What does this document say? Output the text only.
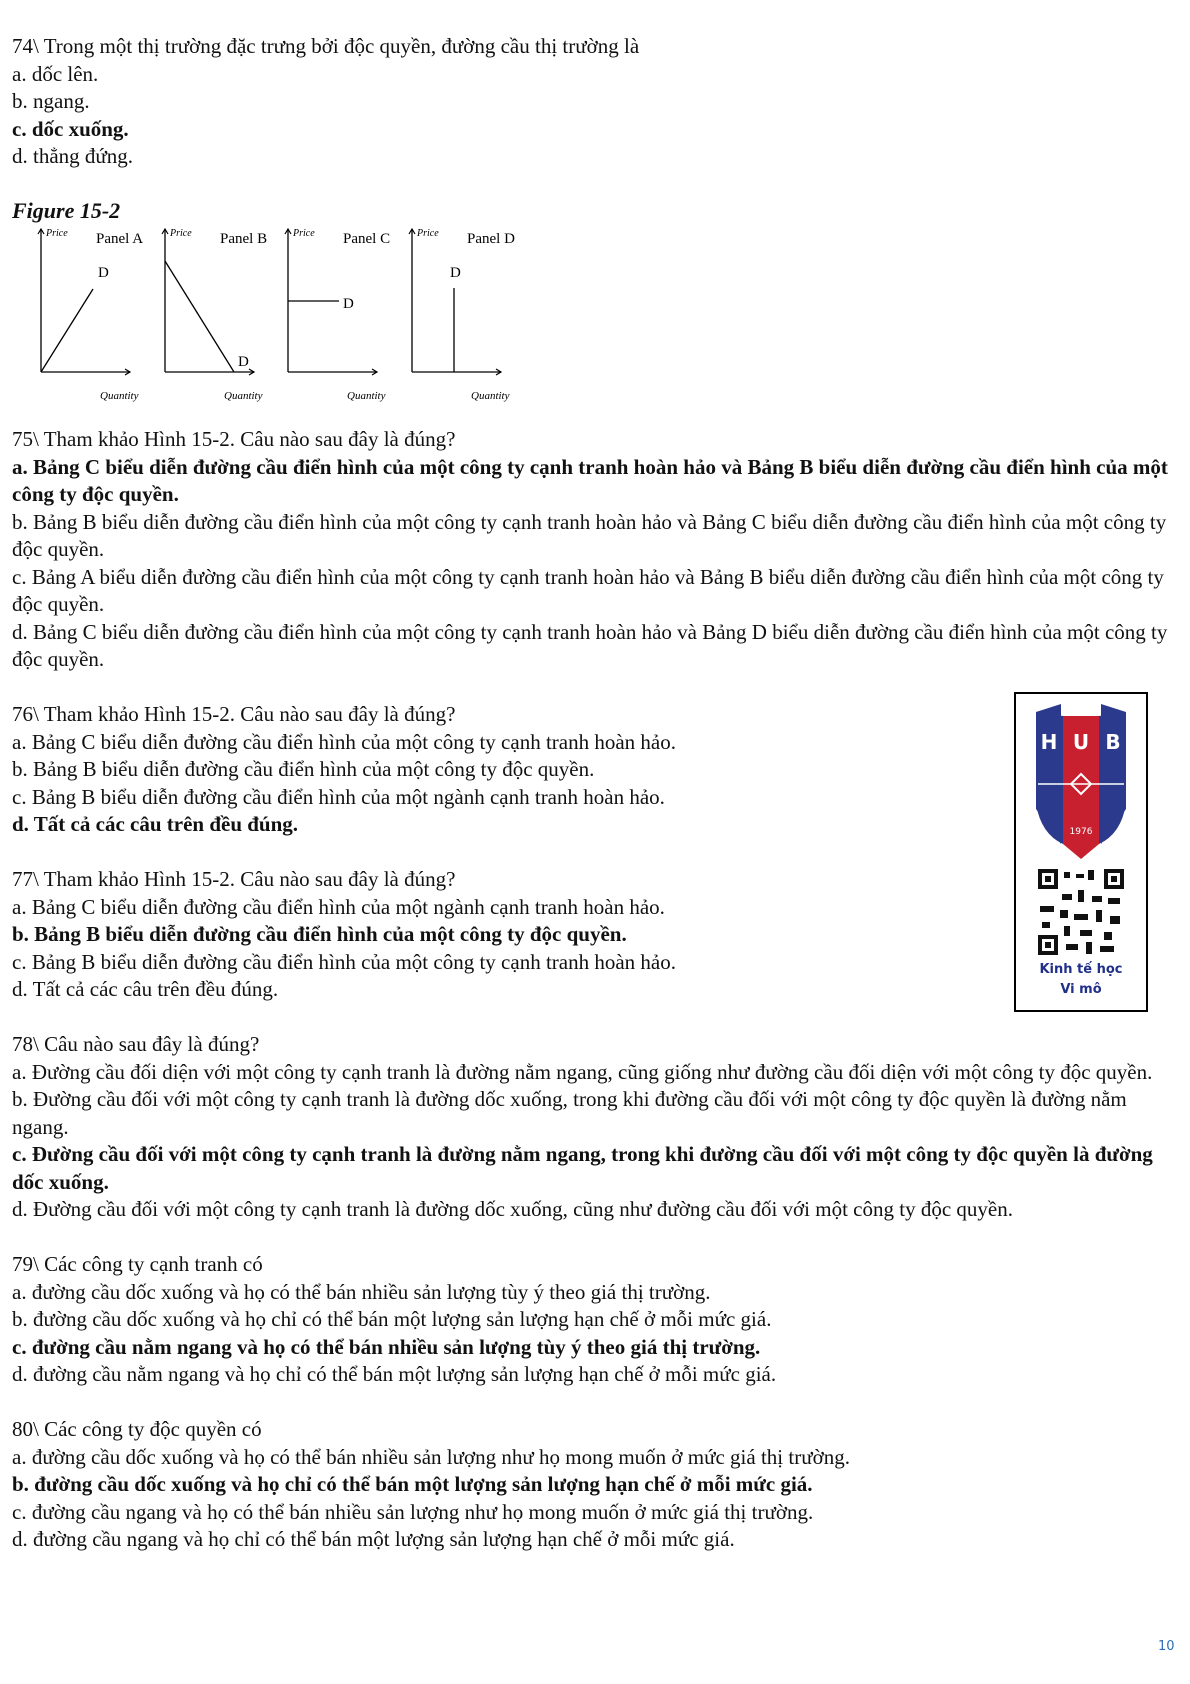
74\ Trong một thị trường đặc trưng bởi độc quyền, đường cầu thị trường là

a. dốc lên.

b. ngang.

c. dốc xuống.

d. thẳng đứng.

Figure 15-2
Price Panel A
Quantity
D
Price Panel B
Quantity
D
Price Panel C
Quantity
D
Price Panel D
Quantity
D

75\ Tham khảo Hình 15-2. Câu nào sau đây là đúng?

a. Bảng C biểu diễn đường cầu điển hình của một công ty cạnh tranh hoàn hảo và Bảng B biểu diễn đường cầu điển hình của một công ty độc quyền.

b. Bảng B biểu diễn đường cầu điển hình của một công ty cạnh tranh hoàn hảo và Bảng C biểu diễn đường cầu điển hình của một công ty độc quyền.

c. Bảng A biểu diễn đường cầu điển hình của một công ty cạnh tranh hoàn hảo và Bảng B biểu diễn đường cầu điển hình của một công ty độc quyền.

d. Bảng C biểu diễn đường cầu điển hình của một công ty cạnh tranh hoàn hảo và Bảng D biểu diễn đường cầu điển hình của một công ty độc quyền.

76\ Tham khảo Hình 15-2. Câu nào sau đây là đúng?

a. Bảng C biểu diễn đường cầu điển hình của một công ty cạnh tranh hoàn hảo.

b. Bảng B biểu diễn đường cầu điển hình của một công ty độc quyền.

c. Bảng B biểu diễn đường cầu điển hình của một ngành cạnh tranh hoàn hảo.

d. Tất cả các câu trên đều đúng.

77\ Tham khảo Hình 15-2. Câu nào sau đây là đúng?

a. Bảng C biểu diễn đường cầu điển hình của một ngành cạnh tranh hoàn hảo.

b. Bảng B biểu diễn đường cầu điển hình của một công ty độc quyền.

c. Bảng B biểu diễn đường cầu điển hình của một công ty cạnh tranh hoàn hảo.

d. Tất cả các câu trên đều đúng.

78\ Câu nào sau đây là đúng?

a. Đường cầu đối diện với một công ty cạnh tranh là đường nằm ngang, cũng giống như đường cầu đối diện với một công ty độc quyền.

b. Đường cầu đối với một công ty cạnh tranh là đường dốc xuống, trong khi đường cầu đối với một công ty độc quyền là đường nằm ngang.

c. Đường cầu đối với một công ty cạnh tranh là đường nằm ngang, trong khi đường cầu đối với một công ty độc quyền là đường dốc xuống.

d. Đường cầu đối với một công ty cạnh tranh là đường dốc xuống, cũng như đường cầu đối với một công ty độc quyền.

79\ Các công ty cạnh tranh có

a. đường cầu dốc xuống và họ có thể bán nhiều sản lượng tùy ý theo giá thị trường.

b. đường cầu dốc xuống và họ chỉ có thể bán một lượng sản lượng hạn chế ở mỗi mức giá.

c. đường cầu nằm ngang và họ có thể bán nhiều sản lượng tùy ý theo giá thị trường.

d. đường cầu nằm ngang và họ chỉ có thể bán một lượng sản lượng hạn chế ở mỗi mức giá.

80\ Các công ty độc quyền có

a. đường cầu dốc xuống và họ có thể bán nhiều sản lượng như họ mong muốn ở mức giá thị trường.

b. đường cầu dốc xuống và họ chỉ có thể bán một lượng sản lượng hạn chế ở mỗi mức giá.

c. đường cầu ngang và họ có thể bán nhiều sản lượng như họ mong muốn ở mức giá thị trường.

d. đường cầu ngang và họ chỉ có thể bán một lượng sản lượng hạn chế ở mỗi mức giá.

H U B
1976
Kinh tế học
Vi mô
10
